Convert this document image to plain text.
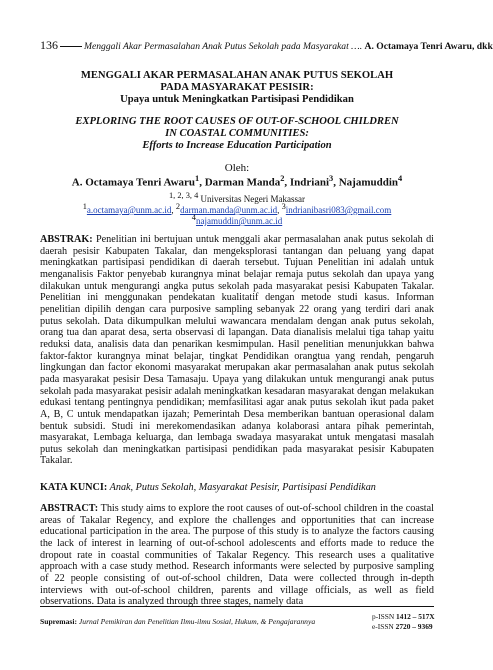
136	Menggali Akar Permasalahan Anak Putus Sekolah pada Masyarakat …. A. Octamaya Tenri Awaru, dkk
MENGGALI AKAR PERMASALAHAN ANAK PUTUS SEKOLAH
PADA MASYARAKAT PESISIR:
Upaya untuk Meningkatkan Partisipasi Pendidikan
EXPLORING THE ROOT CAUSES OF OUT-OF-SCHOOL CHILDREN
IN COASTAL COMMUNITIES:
Efforts to Increase Education Participation
Oleh:
A. Octamaya Tenri Awaru$^1$, Darman Manda$^2$, Indriani$^3$, Najamuddin$^4$
$^{1, 2, 3, 4}$ Universitas Negeri Makassar
$^1$a.octamaya@unm.ac.id, $^2$darman.manda@unm.ac.id, $^3$indrianibasri083@gmail.com
$^4$najamuddin@unm.ac.id
ABSTRAK: Penelitian ini bertujuan untuk menggali akar permasalahan anak putus sekolah di daerah pesisir Kabupaten Takalar, dan mengeksplorasi tantangan dan peluang yang dapat meningkatkan partisipasi pendidikan di daerah tersebut. Tujuan Penelitian ini adalah untuk menganalisis Faktor penyebab kurangnya minat belajar remaja putus sekolah dan upaya yang dilakukan untuk mengurangi angka putus sekolah pada masyarakat pesisi Kabupaten Takalar. Penelitian ini menggunakan pendekatan kualitatif dengan metode studi kasus. Informan penelitian dipilih dengan cara purposive sampling sebanyak 22 orang yang terdiri dari anak putus sekolah. Data dikumpulkan melului wawancara mendalam dengan anak putus sekolah, orang tua dan aparat desa, serta observasi di lapangan. Data dianalisis melalui tiga tahap yaitu reduksi data, analisis data dan penarikan kesmimpulan. Hasil penelitian menunjukkan bahwa faktor-faktor kurangnya minat belajar, tingkat Pendidikan orangtua yang rendah, pengaruh lingkungan dan factor ekonomi masyarakat merupakan akar permasalahan anak putus sekolah pada masyarakat pesisir Desa Tamasaju. Upaya yang dilakukan untuk mengurangi anak putus sekolah pada masyarakat pesisir adalah meningkatkan kesadaran masyarakat dengan melakukan edukasi tentang pentingnya pendidikan; memfasilitasi agar anak putus sekolah ikut pada paket A, B, C untuk mendapatkan ijazah; Pemerintah Desa memberikan bantuan operasional dalam bentuk subsidi. Studi ini merekomendasikan adanya kolaborasi antara pihak pemerintah, masyarakat, Lembaga keluarga, dan lembaga swadaya masyarakat untuk mengatasi masalah putus sekolah dan meningkatkan partisipasi pendidikan pada masyarakat pesisir Kabupaten Takalar.
KATA KUNCI: Anak, Putus Sekolah, Masyarakat Pesisir, Partisipasi Pendidikan
ABSTRACT: This study aims to explore the root causes of out-of-school children in the coastal areas of Takalar Regency, and explore the challenges and opportunities that can increase educational participation in the area. The purpose of this study is to analyze the factors causing the lack of interest in learning of out-of-school adolescents and efforts made to reduce the dropout rate in coastal communities of Takalar Regency. This research uses a qualitative approach with a case study method. Research informants were selected by purposive sampling of 22 people consisting of out-of-school children, Data were collected through in-depth interviews with out-of-school children, parents and village officials, as well as field observations. Data is analyzed through three stages, namely data
Supremasi: Jurnal Pemikiran dan Penelitian Ilmu-ilmu Sosial, Hukum, & Pengajarannya
p-ISSN 1412 – 517X
e-ISSN 2720 – 9369
